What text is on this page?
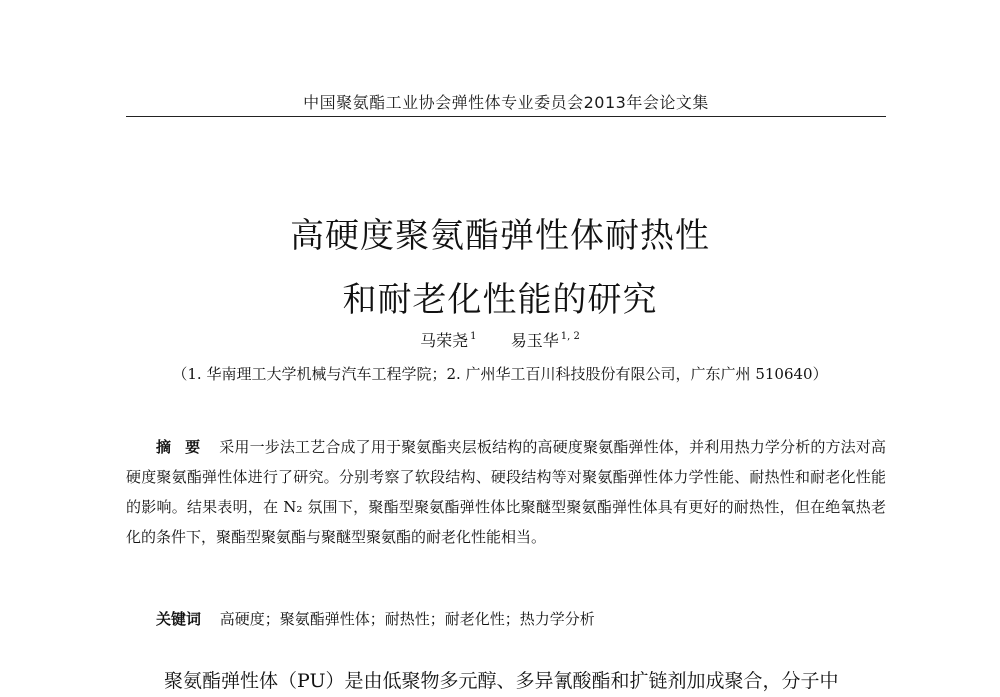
中国聚氨酯工业协会弹性体专业委员会2013年会论文集
高硬度聚氨酯弹性体耐热性
和耐老化性能的研究
马荣尧 $^1$ 易玉华 $^{1, 2}$
（1. 华南理工大学机械与汽车工程学院；2. 广州华工百川科技股份有限公司，广东广州 510640）
摘要 采用一步法工艺合成了用于聚氨酯夹层板结构的高硬度聚氨酯弹性体，并利用热力学分析的方法对高硬度聚氨酯弹性体进行了研究。分别考察了软段结构、硬段结构等对聚氨酯弹性体力学性能、耐热性和耐老化性能的影响。结果表明，在 N₂ 氛围下，聚酯型聚氨酯弹性体比聚醚型聚氨酯弹性体具有更好的耐热性，但在绝氧热老化的条件下，聚酯型聚氨酯与聚醚型聚氨酯的耐老化性能相当。
关键词 高硬度；聚氨酯弹性体；耐热性；耐老化性；热力学分析
聚氨酯弹性体（PU）是由低聚物多元醇、多异氰酸酯和扩链剂加成聚合，分子中
